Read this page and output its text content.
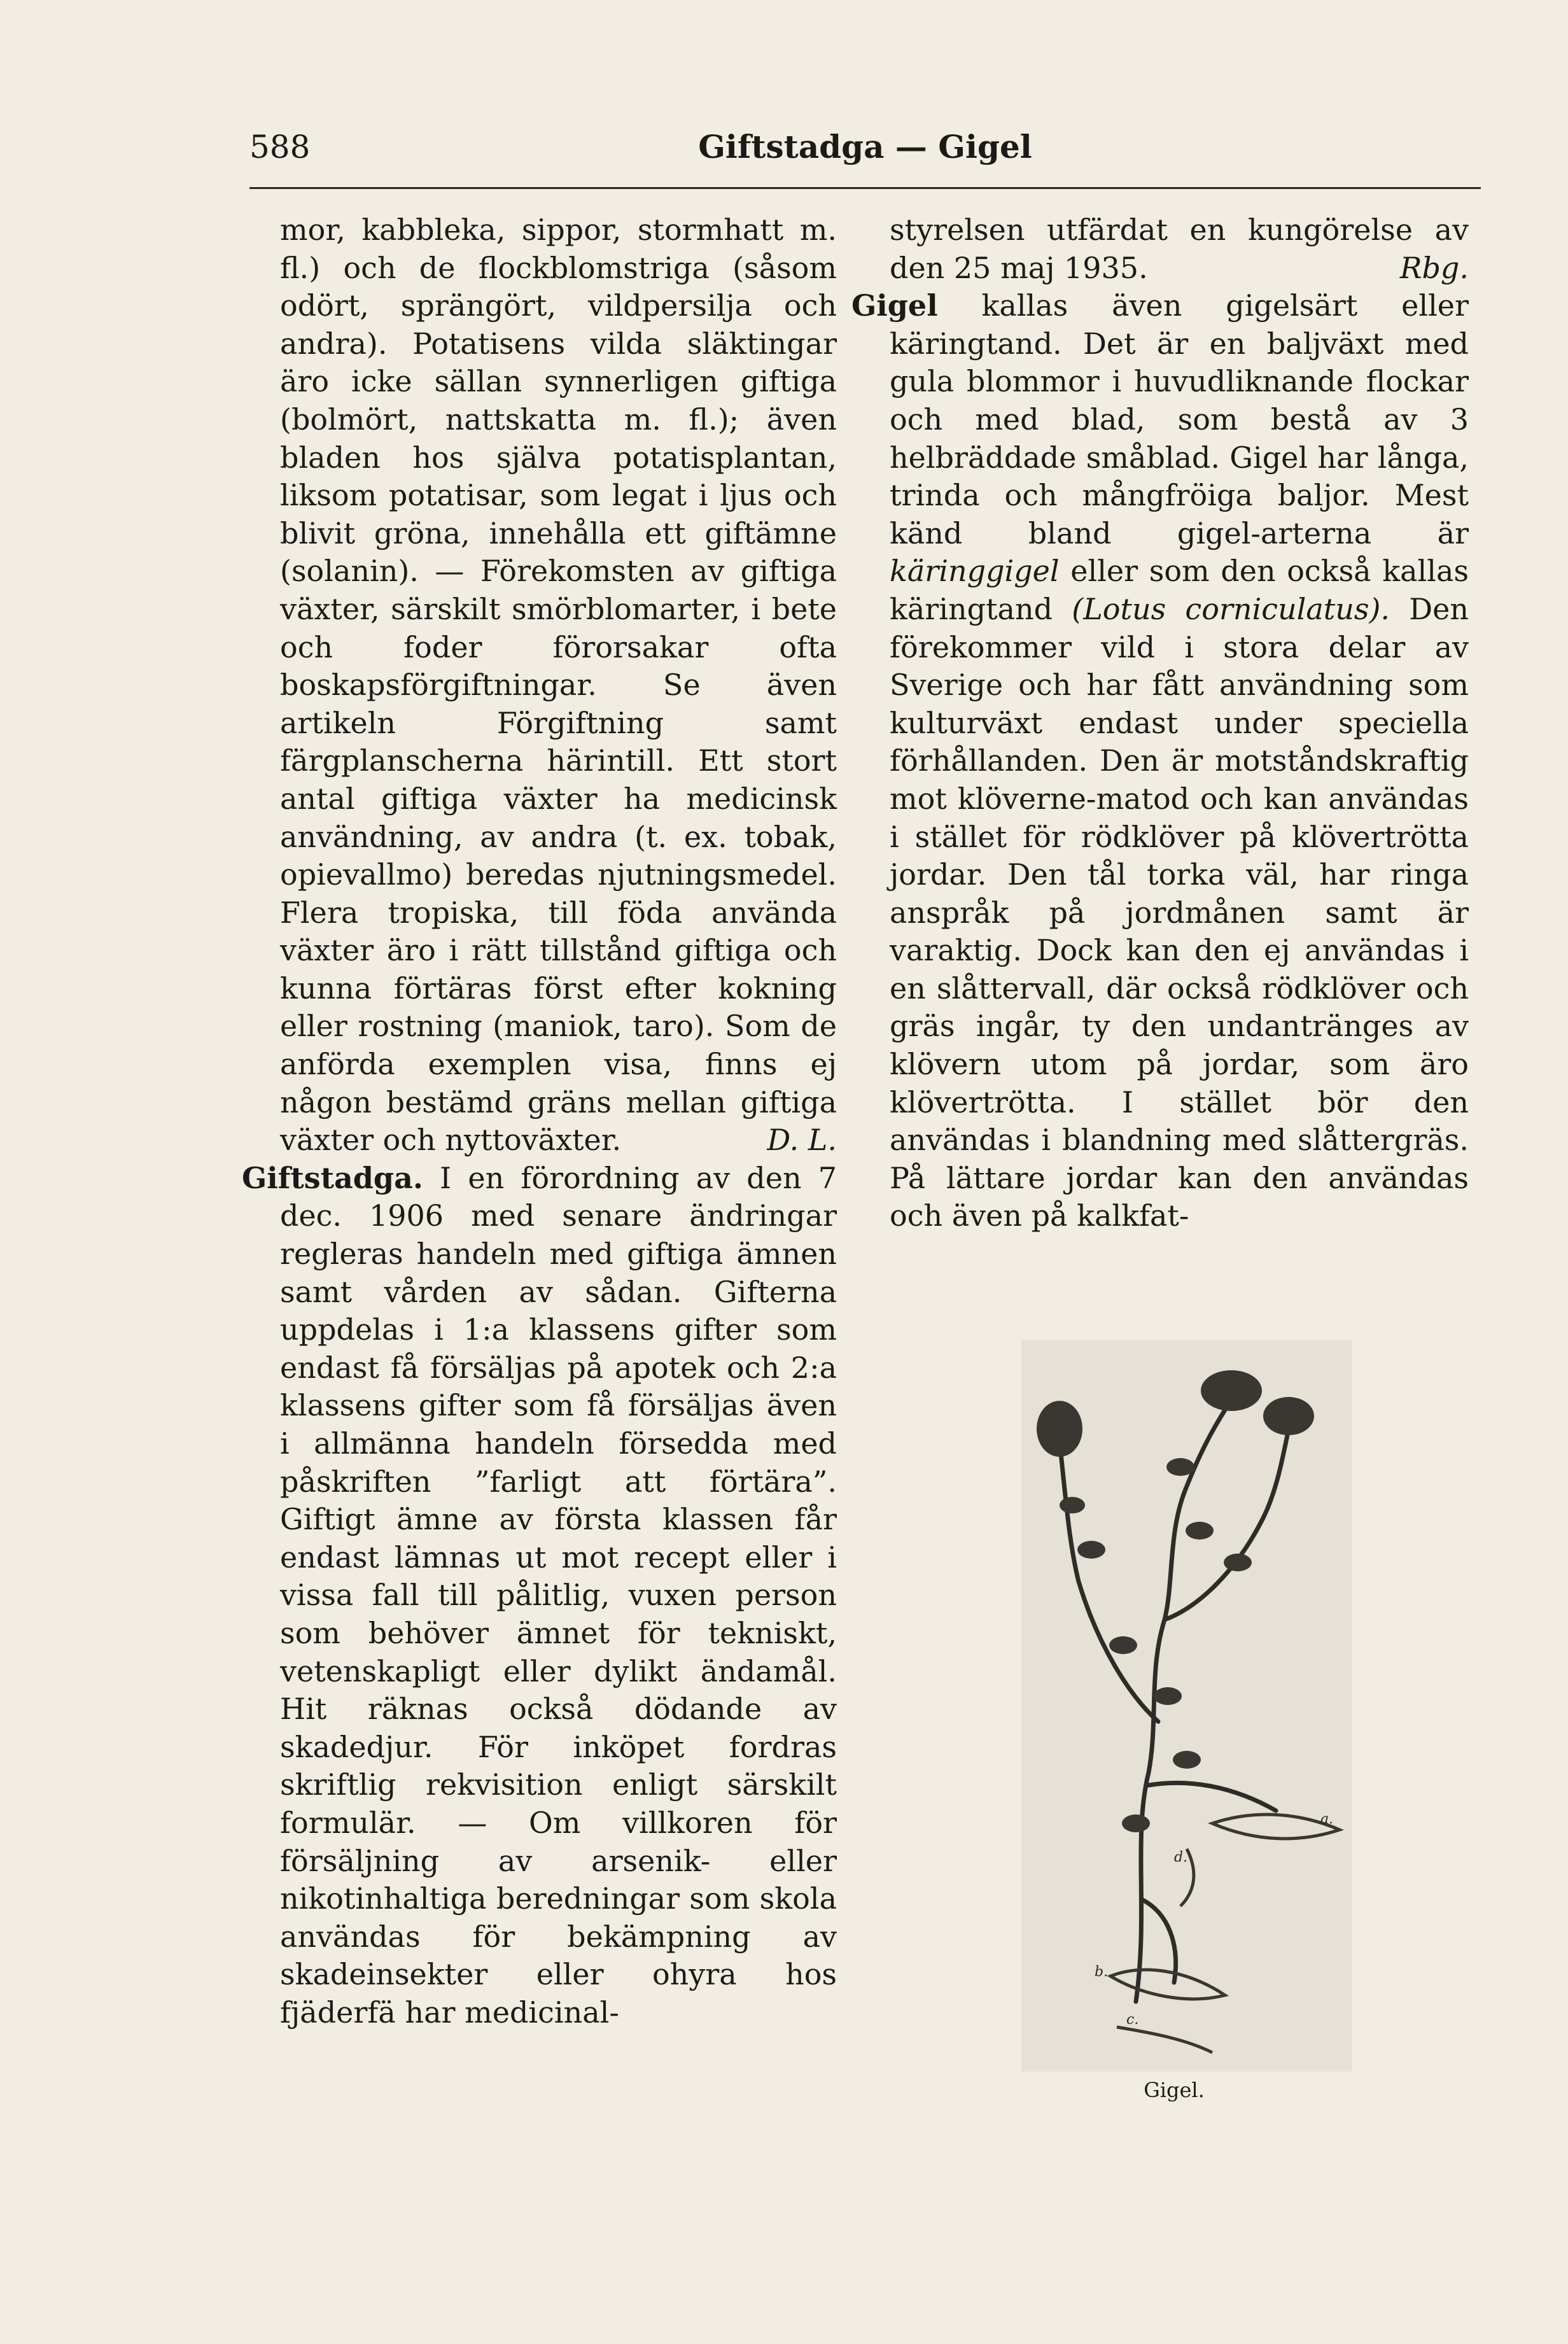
588	Giftstadga — Gigel

mor, kabbleka, sippor, stormhatt m. fl.) och de flockblomstriga (såsom odört, sprängört, vildpersilja och andra). Potatisens vilda släktingar äro icke sällan synnerligen giftiga (bolmört, nattskatta m. fl.); även bladen hos själva potatisplantan, liksom potatisar, som legat i ljus och blivit gröna, innehålla ett giftämne (solanin). — Förekomsten av giftiga växter, särskilt smörblomarter, i bete och foder förorsakar ofta boskapsförgiftningar. Se även artikeln Förgiftning samt färgplanscherna härintill. Ett stort antal giftiga växter ha medicinsk användning, av andra (t. ex. tobak, opievallmo) beredas njutningsmedel. Flera tropiska, till föda använda växter äro i rätt tillstånd giftiga och kunna förtäras först efter kokning eller rostning (maniok, taro). Som de anförda exemplen visa, finns ej någon bestämd gräns mellan giftiga växter och nyttoväxter.	D. L.

Giftstadga. I en förordning av den 7 dec. 1906 med senare ändringar regleras handeln med giftiga ämnen samt vården av sådan. Gifterna uppdelas i 1:a klassens gifter som endast få försäljas på apotek och 2:a klassens gifter som få försäljas även i allmänna handeln försedda med påskriften ”farligt att förtära”. Giftigt ämne av första klassen får endast lämnas ut mot recept eller i vissa fall till pålitlig, vuxen person som behöver ämnet för tekniskt, vetenskapligt eller dylikt ändamål. Hit räknas också dödande av skadedjur. För inköpet fordras skriftlig rekvisition enligt särskilt formulär. — Om villkoren för försäljning av arsenik- eller nikotinhaltiga beredningar som skola användas för bekämpning av skadeinsekter eller ohyra hos fjäderfä har medicinal-

styrelsen utfärdat en kungörelse av den 25 maj 1935.	Rbg.

Gigel kallas även gigelsärt eller käringtand. Det är en baljväxt med gula blommor i huvudliknande flockar och med blad, som bestå av 3 helbräddade småblad. Gigel har långa, trinda och mångfröiga baljor. Mest känd bland gigel-arterna är käringgigel eller som den också kallas käringtand (Lotus corniculatus). Den förekommer vild i stora delar av Sverige och har fått användning som kulturväxt endast under speciella förhållanden. Den är motståndskraftig mot klöverne-matod och kan användas i stället för rödklöver på klövertrötta jordar. Den tål torka väl, har ringa anspråk på jordmånen samt är varaktig. Dock kan den ej användas i en slåttervall, där också rödklöver och gräs ingår, ty den undantränges av klövern utom på jordar, som äro klövertrötta. I stället bör den användas i blandning med slåttergräs. På lättare jordar kan den användas och även på kalkfat-

a.
b.
c.
d.
Gigel.
